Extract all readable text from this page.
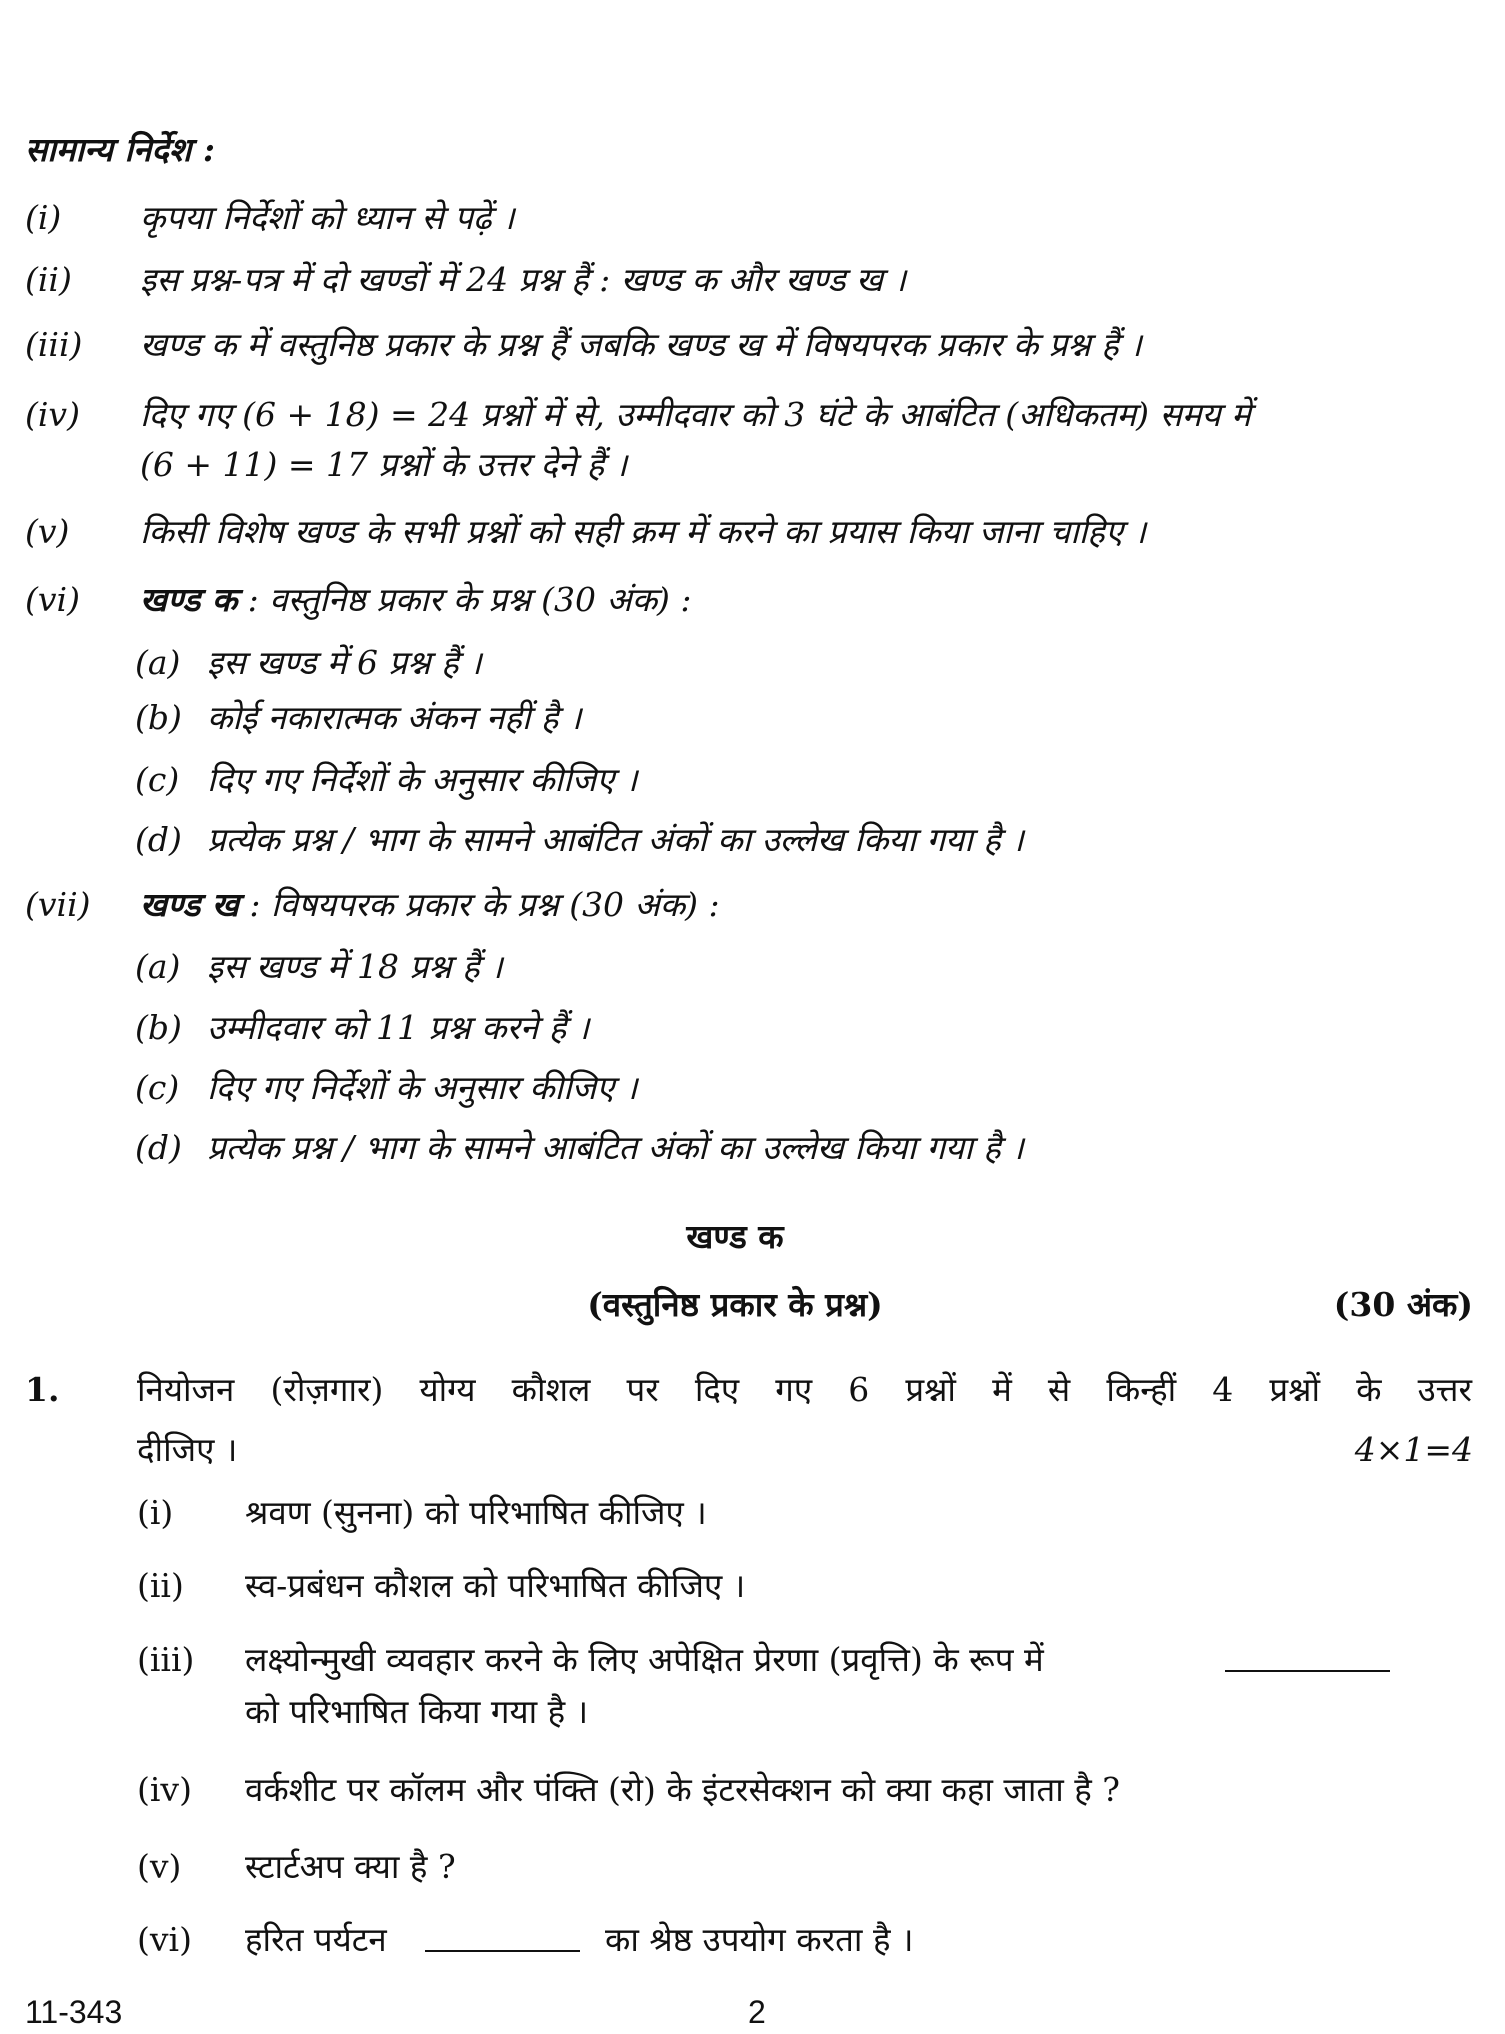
सामान्य निर्देश :
(i) कृपया निर्देशों को ध्यान से पढ़ें ।
(ii) इस प्रश्न-पत्र में दो खण्डों में 24 प्रश्न हैं : खण्ड क और खण्ड ख ।
(iii) खण्ड क में वस्तुनिष्ठ प्रकार के प्रश्न हैं जबकि खण्ड ख में विषयपरक प्रकार के प्रश्न हैं ।
(iv) दिए गए (6 + 18) = 24 प्रश्नों में से, उम्मीदवार को 3 घंटे के आबंटित (अधिकतम) समय में
(6 + 11) = 17 प्रश्नों के उत्तर देने हैं ।
(v) किसी विशेष खण्ड के सभी प्रश्नों को सही क्रम में करने का प्रयास किया जाना चाहिए ।
(vi) खण्ड क : वस्तुनिष्ठ प्रकार के प्रश्न (30 अंक) :
(a) इस खण्ड में 6 प्रश्न हैं ।
(b) कोई नकारात्मक अंकन नहीं है ।
(c) दिए गए निर्देशों के अनुसार कीजिए ।
(d) प्रत्येक प्रश्न / भाग के सामने आबंटित अंकों का उल्लेख किया गया है ।
(vii) खण्ड ख : विषयपरक प्रकार के प्रश्न (30 अंक) :
(a) इस खण्ड में 18 प्रश्न हैं ।
(b) उम्मीदवार को 11 प्रश्न करने हैं ।
(c) दिए गए निर्देशों के अनुसार कीजिए ।
(d) प्रत्येक प्रश्न / भाग के सामने आबंटित अंकों का उल्लेख किया गया है ।
खण्ड क
(वस्तुनिष्ठ प्रकार के प्रश्न)	(30 अंक)
1. नियोजन (रोज़गार) योग्य कौशल पर दिए गए 6 प्रश्नों में से किन्हीं 4 प्रश्नों के उत्तर
दीजिए ।	4×1=4
(i) श्रवण (सुनना) को परिभाषित कीजिए ।
(ii) स्व-प्रबंधन कौशल को परिभाषित कीजिए ।
(iii) लक्ष्योन्मुखी व्यवहार करने के लिए अपेक्षित प्रेरणा (प्रवृत्ति) के रूप में
को परिभाषित किया गया है ।
(iv) वर्कशीट पर कॉलम और पंक्ति (रो) के इंटरसेक्शन को क्या कहा जाता है ?
(v) स्टार्टअप क्या है ?
(vi) हरित पर्यटन	का श्रेष्ठ उपयोग करता है ।
11-343	2
